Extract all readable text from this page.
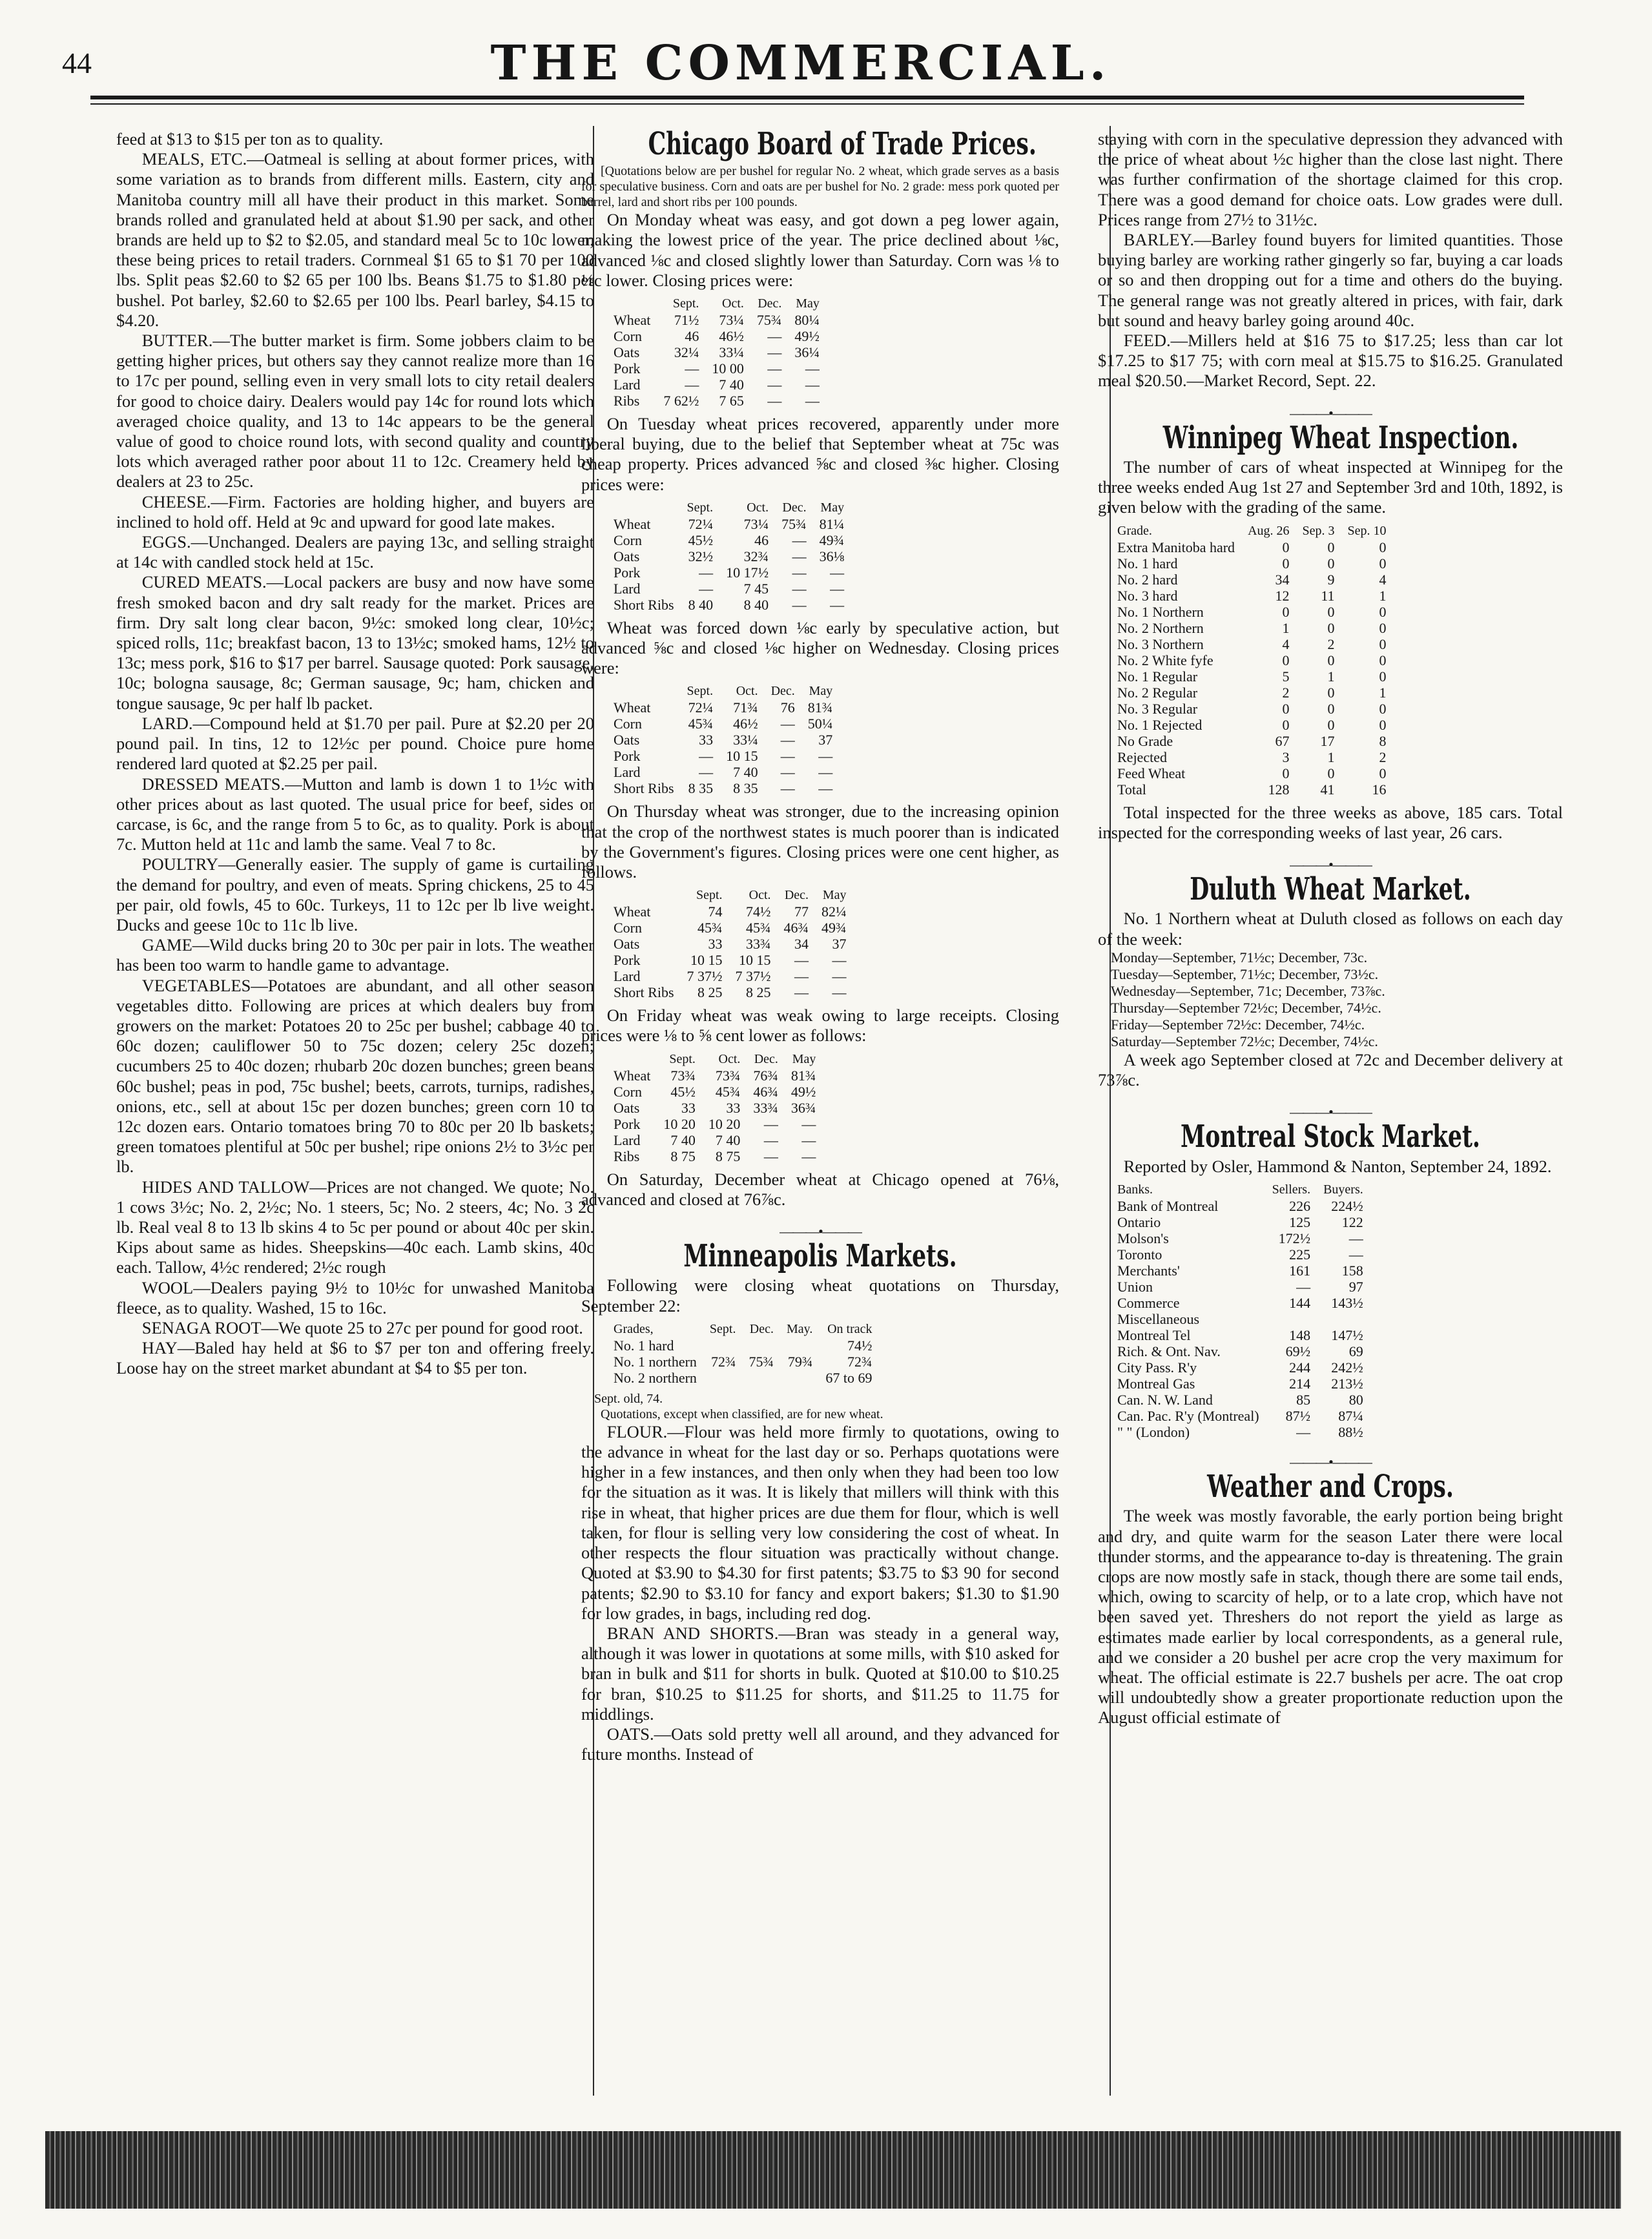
44	THE COMMERCIAL.

feed at $13 to $15 per ton as to quality.

MEALS, ETC.—Oatmeal is selling at about former prices, with some variation as to brands from different mills. Eastern, city and Manitoba country mill all have their product in this market. Some brands rolled and granulated held at about $1.90 per sack, and other brands are held up to $2 to $2.05, and standard meal 5c to 10c lower, these being prices to retail traders. Cornmeal $1 65 to $1 70 per 100 lbs. Split peas $2.60 to $2 65 per 100 lbs. Beans $1.75 to $1.80 per bushel. Pot barley, $2.60 to $2.65 per 100 lbs. Pearl barley, $4.15 to $4.20.

BUTTER.—The butter market is firm. Some jobbers claim to be getting higher prices, but others say they cannot realize more than 16 to 17c per pound, selling even in very small lots to city retail dealers for good to choice dairy. Dealers would pay 14c for round lots which averaged choice quality, and 13 to 14c appears to be the general value of good to choice round lots, with second quality and country lots which averaged rather poor about 11 to 12c. Creamery held by dealers at 23 to 25c.

CHEESE.—Firm. Factories are holding higher, and buyers are inclined to hold off. Held at 9c and upward for good late makes.

EGGS.—Unchanged. Dealers are paying 13c, and selling straight at 14c with candled stock held at 15c.

CURED MEATS.—Local packers are busy and now have some fresh smoked bacon and dry salt ready for the market. Prices are firm. Dry salt long clear bacon, 9½c: smoked long clear, 10½c; spiced rolls, 11c; breakfast bacon, 13 to 13½c; smoked hams, 12½ to 13c; mess pork, $16 to $17 per barrel. Sausage quoted: Pork sausage, 10c; bologna sausage, 8c; German sausage, 9c; ham, chicken and tongue sausage, 9c per half lb packet.

LARD.—Compound held at $1.70 per pail. Pure at $2.20 per 20 pound pail. In tins, 12 to 12½c per pound. Choice pure home rendered lard quoted at $2.25 per pail.

DRESSED MEATS.—Mutton and lamb is down 1 to 1½c with other prices about as last quoted. The usual price for beef, sides or carcase, is 6c, and the range from 5 to 6c, as to quality. Pork is about 7c. Mutton held at 11c and lamb the same. Veal 7 to 8c.

POULTRY—Generally easier. The supply of game is curtailing the demand for poultry, and even of meats. Spring chickens, 25 to 45 per pair, old fowls, 45 to 60c. Turkeys, 11 to 12c per lb live weight. Ducks and geese 10c to 11c lb live.

GAME—Wild ducks bring 20 to 30c per pair in lots. The weather has been too warm to handle game to advantage.

VEGETABLES—Potatoes are abundant, and all other season vegetables ditto. Following are prices at which dealers buy from growers on the market: Potatoes 20 to 25c per bushel; cabbage 40 to 60c dozen; cauliflower 50 to 75c dozen; celery 25c dozen; cucumbers 25 to 40c dozen; rhubarb 20c dozen bunches; green beans 60c bushel; peas in pod, 75c bushel; beets, carrots, turnips, radishes, onions, etc., sell at about 15c per dozen bunches; green corn 10 to 12c dozen ears. Ontario tomatoes bring 70 to 80c per 20 lb baskets; green tomatoes plentiful at 50c per bushel; ripe onions 2½ to 3½c per lb.

HIDES AND TALLOW—Prices are not changed. We quote; No. 1 cows 3½c; No. 2, 2½c; No. 1 steers, 5c; No. 2 steers, 4c; No. 3 2c lb. Real veal 8 to 13 lb skins 4 to 5c per pound or about 40c per skin. Kips about same as hides. Sheepskins—40c each. Lamb skins, 40c each. Tallow, 4½c rendered; 2½c rough

WOOL—Dealers paying 9½ to 10½c for unwashed Manitoba fleece, as to quality. Washed, 15 to 16c.

SENAGA ROOT—We quote 25 to 27c per pound for good root.

HAY—Baled hay held at $6 to $7 per ton and offering freely. Loose hay on the street market abundant at $4 to $5 per ton.

Chicago Board of Trade Prices.

[Quotations below are per bushel for regular No. 2 wheat, which grade serves as a basis for speculative business. Corn and oats are per bushel for No. 2 grade: mess pork quoted per barrel, lard and short ribs per 100 pounds.

On Monday wheat was easy, and got down a peg lower again, making the lowest price of the year. The price declined about ⅛c, advanced ⅛c and closed slightly lower than Saturday. Corn was ⅛ to ⅛c lower. Closing prices were:

	Sept.	Oct.	Dec.	May
Wheat	71½	73¼	75¾	80¼
Corn	46	46½	—	49½
Oats	32¼	33¼	—	36¼
Pork	—	10 00	—	—
Lard	—	7 40	—	—
Ribs	7 62½	7 65	—	—

On Tuesday wheat prices recovered, apparently under more liberal buying, due to the belief that September wheat at 75c was cheap property. Prices advanced ⅝c and closed ⅜c higher. Closing prices were:

	Sept.	Oct.	Dec.	May
Wheat	72¼	73¼	75¾	81¼
Corn	45½	46	—	49¾
Oats	32½	32¾	—	36⅛
Pork	—	10 17½	—	—
Lard	—	7 45	—	—
Short Ribs	8 40	8 40	—	—

Wheat was forced down ⅛c early by speculative action, but advanced ⅝c and closed ⅛c higher on Wednesday. Closing prices were:

	Sept.	Oct.	Dec.	May
Wheat	72¼	71¾	76	81¾
Corn	45¾	46½	—	50¼
Oats	33	33¼	—	37
Pork	—	10 15	—	—
Lard	—	7 40	—	—
Short Ribs	8 35	8 35	—	—

On Thursday wheat was stronger, due to the increasing opinion that the crop of the northwest states is much poorer than is indicated by the Government's figures. Closing prices were one cent higher, as follows.

	Sept.	Oct.	Dec.	May
Wheat	74	74½	77	82¼
Corn	45¾	45¾	46¾	49¾
Oats	33	33¾	34	37
Pork	10 15	10 15	—	—
Lard	7 37½	7 37½	—	—
Short Ribs	8 25	8 25	—	—

On Friday wheat was weak owing to large receipts. Closing prices were ⅛ to ⅝ cent lower as follows:

	Sept.	Oct.	Dec.	May
Wheat	73¾	73¾	76¾	81¾
Corn	45½	45¾	46¾	49½
Oats	33	33	33¾	36¾
Pork	10 20	10 20	—	—
Lard	7 40	7 40	—	—
Ribs	8 75	8 75	—	—

On Saturday, December wheat at Chicago opened at 76⅛, advanced and closed at 76⅞c.

———•———
Minneapolis Markets.

Following were closing wheat quotations on Thursday, September 22:

Grades,	Sept.	Dec.	May.	On track
No. 1 hard				74½
No. 1 northern	72¾	75¾	79¾	72¾
No. 2 northern				67 to 69
Sept. old, 74.

Quotations, except when classified, are for new wheat.

FLOUR.—Flour was held more firmly to quotations, owing to the advance in wheat for the last day or so. Perhaps quotations were higher in a few instances, and then only when they had been too low for the situation as it was. It is likely that millers will think with this rise in wheat, that higher prices are due them for flour, which is well taken, for flour is selling very low considering the cost of wheat. In other respects the flour situation was practically without change. Quoted at $3.90 to $4.30 for first patents; $3.75 to $3 90 for second patents; $2.90 to $3.10 for fancy and export bakers; $1.30 to $1.90 for low grades, in bags, including red dog.

BRAN AND SHORTS.—Bran was steady in a general way, although it was lower in quotations at some mills, with $10 asked for bran in bulk and $11 for shorts in bulk. Quoted at $10.00 to $10.25 for bran, $10.25 to $11.25 for shorts, and $11.25 to 11.75 for middlings.

OATS.—Oats sold pretty well all around, and they advanced for future months. Instead of

staying with corn in the speculative depression they advanced with the price of wheat about ½c higher than the close last night. There was further confirmation of the shortage claimed for this crop. There was a good demand for choice oats. Low grades were dull. Prices range from 27½ to 31½c.

BARLEY.—Barley found buyers for limited quantities. Those buying barley are working rather gingerly so far, buying a car loads or so and then dropping out for a time and others do the buying. The general range was not greatly altered in prices, with fair, dark but sound and heavy barley going around 40c.

FEED.—Millers held at $16 75 to $17.25; less than car lot $17.25 to $17 75; with corn meal at $15.75 to $16.25. Granulated meal $20.50.—Market Record, Sept. 22.

———•———
Winnipeg Wheat Inspection.

The number of cars of wheat inspected at Winnipeg for the three weeks ended Aug 1st 27 and September 3rd and 10th, 1892, is given below with the grading of the same.

Grade.	Aug. 26	Sep. 3	Sep. 10
Extra Manitoba hard	0	0	0
No. 1 hard	0	0	0
No. 2 hard	34	9	4
No. 3 hard	12	11	1
No. 1 Northern	0	0	0
No. 2 Northern	1	0	0
No. 3 Northern	4	2	0
No. 2 White fyfe	0	0	0
No. 1 Regular	5	1	0
No. 2 Regular	2	0	1
No. 3 Regular	0	0	0
No. 1 Rejected	0	0	0
No Grade	67	17	8
Rejected	3	1	2
Feed Wheat	0	0	0
Total	128	41	16

Total inspected for the three weeks as above, 185 cars. Total inspected for the corresponding weeks of last year, 26 cars.

———•———
Duluth Wheat Market.

No. 1 Northern wheat at Duluth closed as follows on each day of the week:

Monday—September, 71½c; December, 73c.
Tuesday—September, 71½c; December, 73½c.
Wednesday—September, 71c; December, 73⅞c.
Thursday—September 72½c; December, 74½c.
Friday—September 72½c: December, 74½c.
Saturday—September 72½c; December, 74½c.

A week ago September closed at 72c and December delivery at 73⅞c.

———•———
Montreal Stock Market.

Reported by Osler, Hammond & Nanton, September 24, 1892.

Banks.	Sellers.	Buyers.
Bank of Montreal	226	224½
Ontario	125	122
Molson's	172½	—
Toronto	225	—
Merchants'	161	158
Union	—	97
Commerce	144	143½
Miscellaneous		
Montreal Tel	148	147½
Rich. & Ont. Nav.	69½	69
City Pass. R'y	244	242½
Montreal Gas	214	213½
Can. N. W. Land	85	80
Can. Pac. R'y (Montreal)	87½	87¼
" " (London)	—	88½
———•———
Weather and Crops.

The week was mostly favorable, the early portion being bright and dry, and quite warm for the season Later there were local thunder storms, and the appearance to-day is threatening. The grain crops are now mostly safe in stack, though there are some tail ends, which, owing to scarcity of help, or to a late crop, which have not been saved yet. Threshers do not report the yield as large as estimates made earlier by local correspondents, as a general rule, and we consider a 20 bushel per acre crop the very maximum for wheat. The official estimate is 22.7 bushels per acre. The oat crop will undoubtedly show a greater proportionate reduction upon the August official estimate of
